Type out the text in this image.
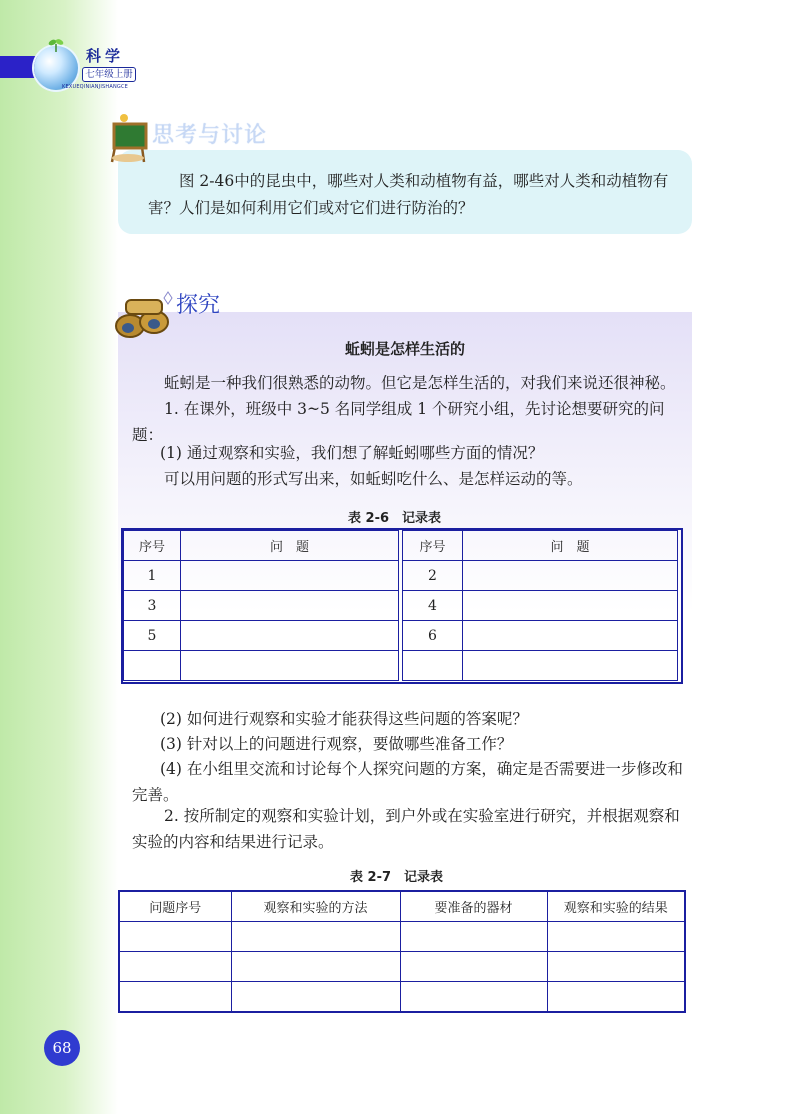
科学
七年级上册
KEXUEQINIANJISHANGCE
思考与讨论

图 2-46中的昆虫中，哪些对人类和动植物有益，哪些对人类和动植物有害？人们是如何利用它们或对它们进行防治的？

探究
蚯蚓是怎样生活的

蚯蚓是一种我们很熟悉的动物。但它是怎样生活的，对我们来说还很神秘。

1. 在课外，班级中 3~5 名同学组成 1 个研究小组，先讨论想要研究的问题：

(1) 通过观察和实验，我们想了解蚯蚓哪些方面的情况？

可以用问题的形式写出来，如蚯蚓吃什么、是怎样运动的等。

表 2-6　记录表
序号	问　题
1	
3	
5	

序号	问　题
2	
4	
6	

(2) 如何进行观察和实验才能获得这些问题的答案呢？

(3) 针对以上的问题进行观察，要做哪些准备工作？

(4) 在小组里交流和讨论每个人探究问题的方案，确定是否需要进一步修改和完善。

2. 按所制定的观察和实验计划，到户外或在实验室进行研究，并根据观察和实验的内容和结果进行记录。

表 2-7　记录表
问题序号	观察和实验的方法	要准备的器材	观察和实验的结果

68
